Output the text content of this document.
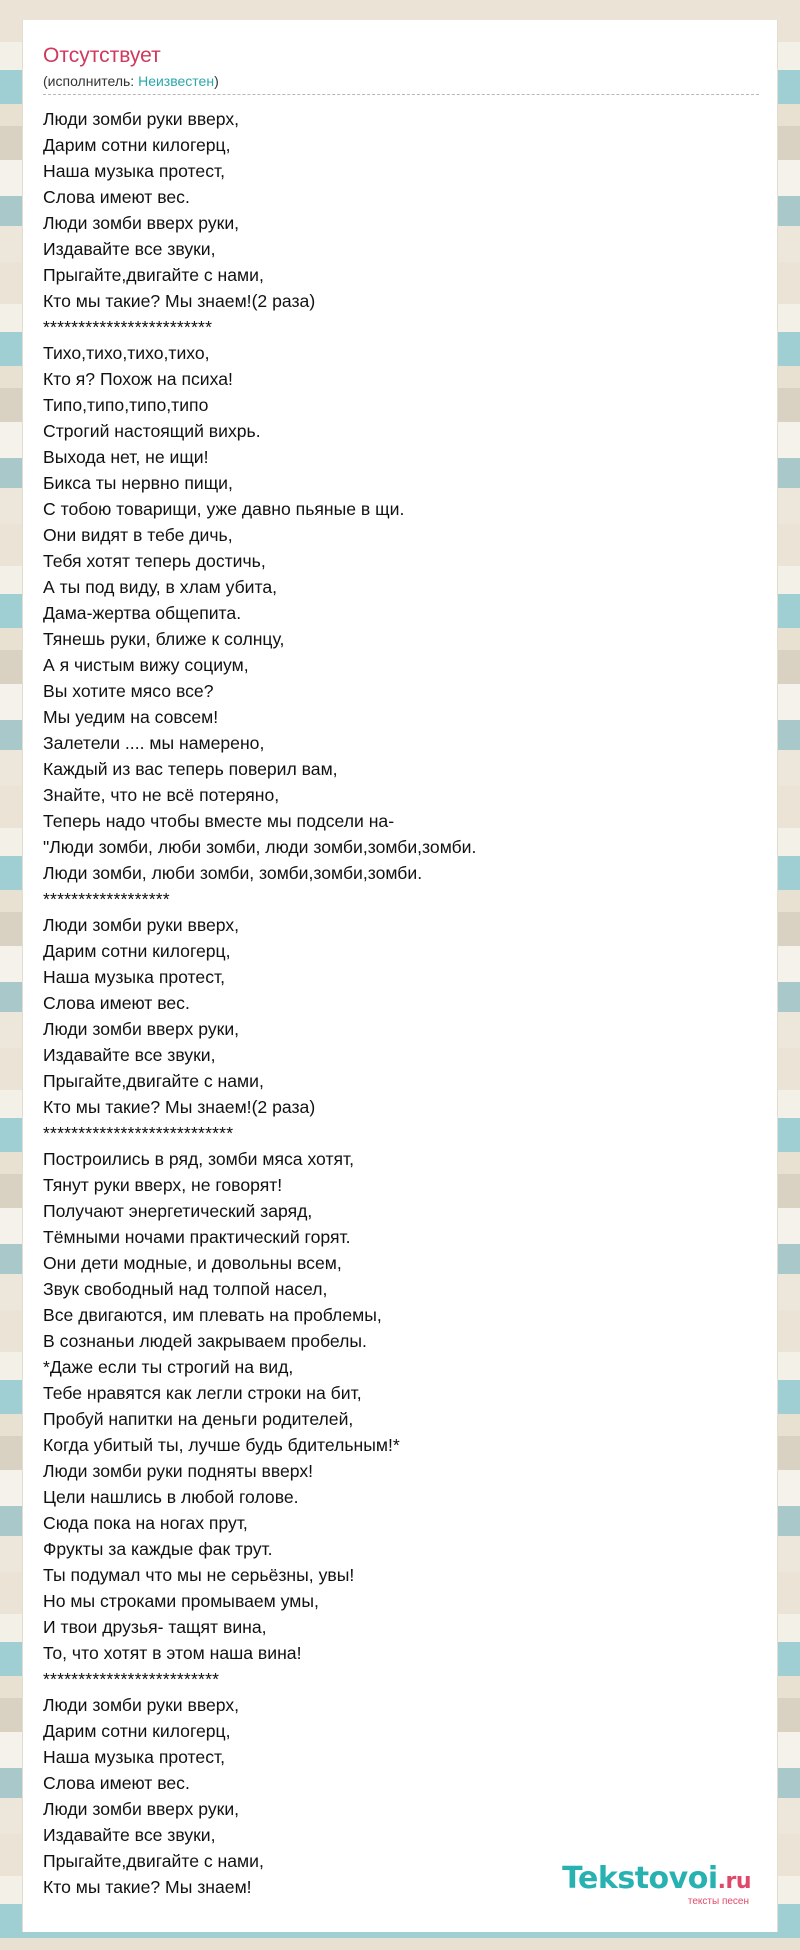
Отсутствует
(исполнитель: Неизвестен)
Люди зомби руки вверх,
Дарим сотни килогерц,
Наша музыка протест,
Слова имеют вес.
Люди зомби вверх руки,
Издавайте все звуки,
Прыгайте,двигайте с нами,
Кто мы такие? Мы знаем!(2 раза)
************************
Тихо,тихо,тихо,тихо,
Кто я? Похож на психа!
Типо,типо,типо,типо
Строгий настоящий вихрь.
Выхода нет, не ищи!
Бикса ты нервно пищи,
С тобою товарищи, уже давно пьяные в щи.
Они видят в тебе дичь,
Тебя хотят теперь достичь,
А ты под виду, в хлам убита,
Дама-жертва общепита.
Тянешь руки, ближе к солнцу,
А я чистым вижу социум,
Вы хотите мясо все?
Мы уедим на совсем!
Залетели .... мы намерено,
Каждый из вас теперь поверил вам,
Знайте, что не всё потеряно,
Теперь надо чтобы вместе мы подсели на-
"Люди зомби, люби зомби, люди зомби,зомби,зомби.
Люди зомби, люби зомби, зомби,зомби,зомби.
******************
Люди зомби руки вверх,
Дарим сотни килогерц,
Наша музыка протест,
Слова имеют вес.
Люди зомби вверх руки,
Издавайте все звуки,
Прыгайте,двигайте с нами,
Кто мы такие? Мы знаем!(2 раза)
***************************
Построились в ряд, зомби мяса хотят,
Тянут руки вверх, не говорят!
Получают энергетический заряд,
Тёмными ночами практический горят.
Они дети модные, и довольны всем,
Звук свободный над толпой насел,
Все двигаются, им плевать на проблемы,
В сознаньи людей закрываем пробелы.
*Даже если ты строгий на вид,
Тебе нравятся как легли строки на бит,
Пробуй напитки на деньги родителей,
Когда убитый ты, лучше будь бдительным!*
Люди зомби руки подняты вверх!
Цели нашлись в любой голове.
Сюда пока на ногах прут,
Фрукты за каждые фак трут.
Ты подумал что мы не серьёзны, увы!
Но мы строками промываем умы,
И твои друзья- тащят вина,
То, что хотят в этом наша вина!
*************************
Люди зомби руки вверх,
Дарим сотни килогерц,
Наша музыка протест,
Слова имеют вес.
Люди зомби вверх руки,
Издавайте все звуки,
Прыгайте,двигайте с нами,
Кто мы такие? Мы знаем!	Tekstovoi.ru
тексты песен
